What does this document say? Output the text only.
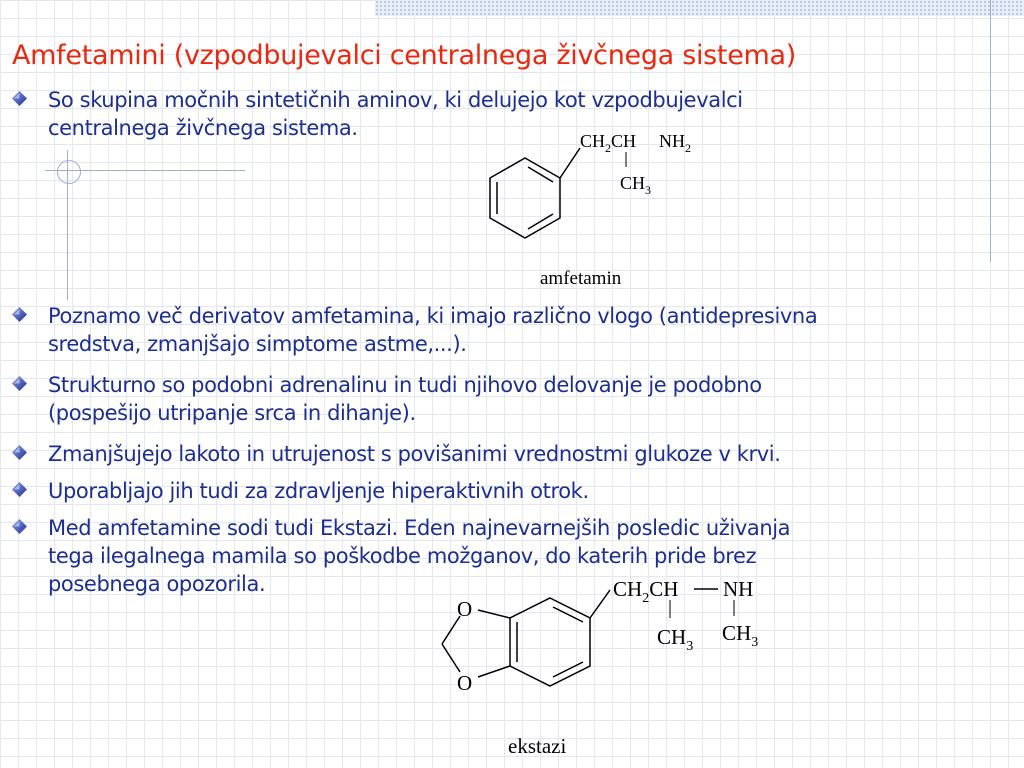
Amfetamini (vzpodbujevalci centralnega živčnega sistema)
So skupina močnih sintetičnih aminov, ki delujejo kot vzpodbujevalci
centralnega živčnega sistema.
Poznamo več derivatov amfetamina, ki imajo različno vlogo (antidepresivna
sredstva, zmanjšajo simptome astme,...).
Strukturno so podobni adrenalinu in tudi njihovo delovanje je podobno
(pospešijo utripanje srca in dihanje).
Zmanjšujejo lakoto in utrujenost s povišanimi vrednostmi glukoze v krvi.
Uporabljajo jih tudi za zdravljenje hiperaktivnih otrok.
Med amfetamine sodi tudi Ekstazi. Eden najnevarnejših posledic uživanja
tega ilegalnega mamila so poškodbe možganov, do katerih pride brez
posebnega opozorila.
$CH_2CH$ $NH_2$
$CH_3$
amfetamin
O
O
$CH_2CH$ NH
$CH_3$
$CH_3$
ekstazi
